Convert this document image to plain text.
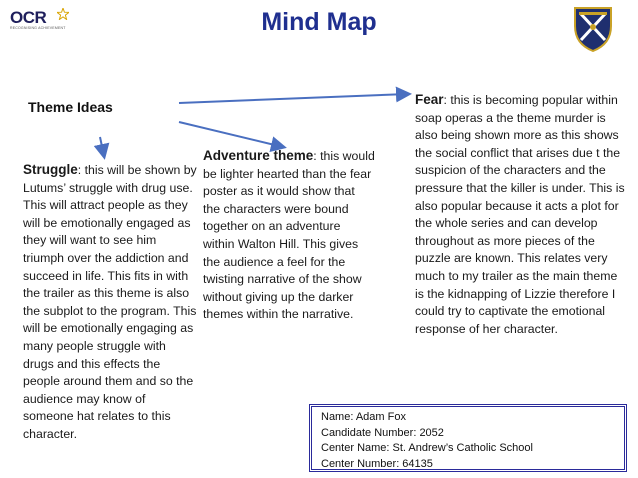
OCR
RECOGNISING ACHIEVEMENT	Mind Map
Theme Ideas
Struggle: this will be shown by Lutums’ struggle with drug use. This will attract people as they will be emotionally engaged as they will want to see him triumph over the addiction and succeed in life. This fits in with the trailer as this theme is also the subplot to the program. This will be emotionally engaging as many people struggle with drugs and this effects the people around them and so the audience may know of someone hat relates to this character.
Adventure theme: this would be lighter hearted than the fear poster as it would show that the characters were bound together on an adventure within Walton Hill. This gives the audience a feel for the twisting narrative of the show without giving up the darker themes within the narrative.
Fear: this is becoming popular within soap operas a the theme murder is also being shown more as this shows the social conflict that arises due t the suspicion of the characters and the pressure that the killer is under. This is also popular because it acts a plot for the whole series and can develop throughout as more pieces of the puzzle are known. This relates very much to my trailer as the main theme is the kidnapping of Lizzie therefore I could try to captivate the emotional response of her character.
Name: Adam Fox
Candidate Number: 2052
Center Name: St. Andrew’s Catholic School
Center Number: 64135
